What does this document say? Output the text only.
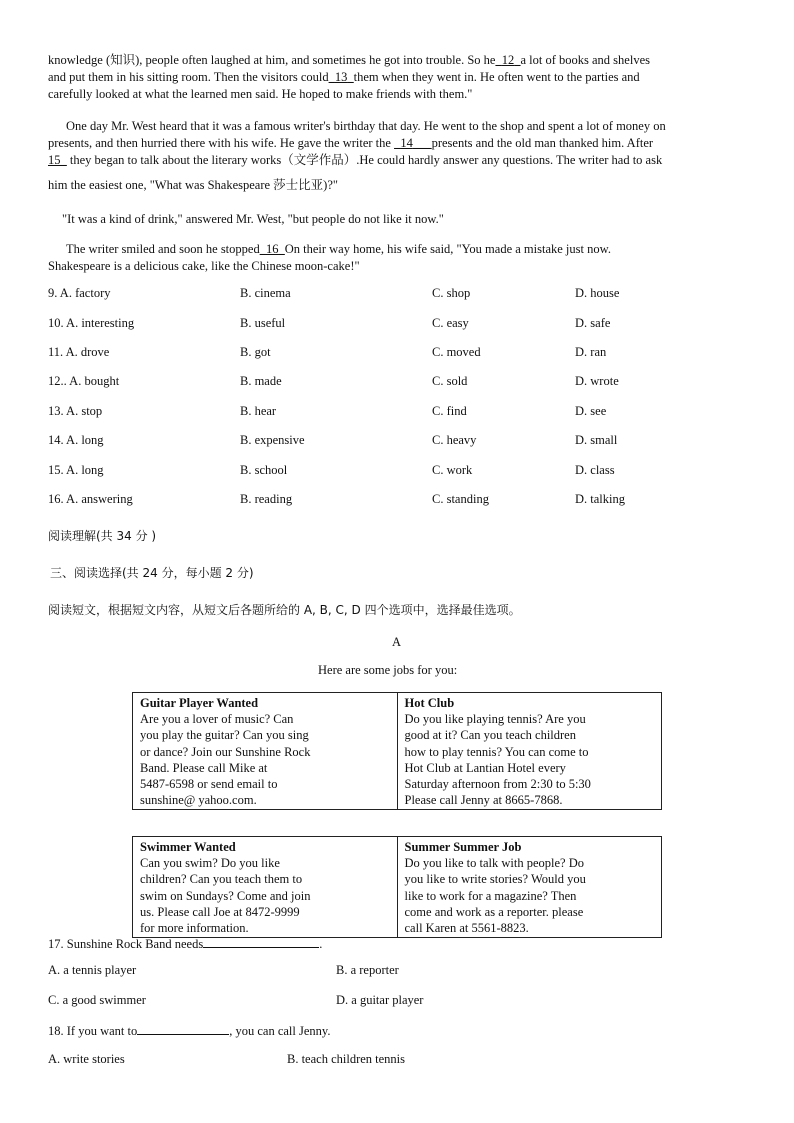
knowledge (知识), people often laughed at him, and sometimes he got into trouble. So he_12_a lot of books and shelves
and put them in his sitting room. Then the visitors could_13_them when they went in. He often went to the parties and
carefully looked at what the learned men said. He hoped to make friends with them."
One day Mr. West heard that it was a famous writer's birthday that day. He went to the shop and spent a lot of money on
presents, and then hurried there with his wife. He gave the writer the _14___presents and the old man thanked him. After
15_ they began to talk about the literary works（文学作品）.He could hardly answer any questions. The writer had to ask
him the easiest one, "What was Shakespeare 莎士比亚)?"
"It was a kind of drink," answered Mr. West, "but people do not like it now."
The writer smiled and soon he stopped_16_On their way home, his wife said, "You made a mistake just now.
Shakespeare is a delicious cake, like the Chinese moon-cake!"
9. A. factory	B. cinema	C. shop	D. house
10. A. interesting	B. useful	C. easy	D. safe
11. A. drove	B. got	C. moved	D. ran
12.. A. bought	B. made	C. sold	D. wrote
13. A. stop	B. hear	C. find	D. see
14. A. long	B. expensive	C. heavy	D. small
15. A. long	B. school	C. work	D. class
16. A. answering	B. reading	C. standing	D. talking
阅读理解(共 34 分 )
三、阅读选择(共 24 分，每小题 2 分)
阅读短文，根据短文内容，从短文后各题所给的 A, B, C, D 四个选项中，选择最佳选项。
A
Here are some jobs for you:
Guitar Player Wanted
Are you a lover of music? Can
you play the guitar? Can you sing
or dance? Join our Sunshine Rock
Band. Please call Mike at
5487-6598 or send email to
sunshine@ yahoo.com.

Hot Club
Do you like playing tennis? Are you
good at it? Can you teach children
how to play tennis? You can come to
Hot Club at Lantian Hotel every
Saturday afternoon from 2:30 to 5:30
Please call Jenny at 8665-7868.
Swimmer Wanted
Can you swim? Do you like
children? Can you teach them to
swim on Sundays? Come and join
us. Please call Joe at 8472-9999
for more information.

Summer Summer Job
Do you like to talk with people? Do
you like to write stories? Would you
like to work for a magazine? Then
come and work as a reporter. please
call Karen at 5561-8823.
17. Sunshine Rock Band needs	.
A. a tennis player	B. a reporter
C. a good swimmer	D. a guitar player
18. If you want to	, you can call Jenny.
A. write stories	B. teach children tennis
